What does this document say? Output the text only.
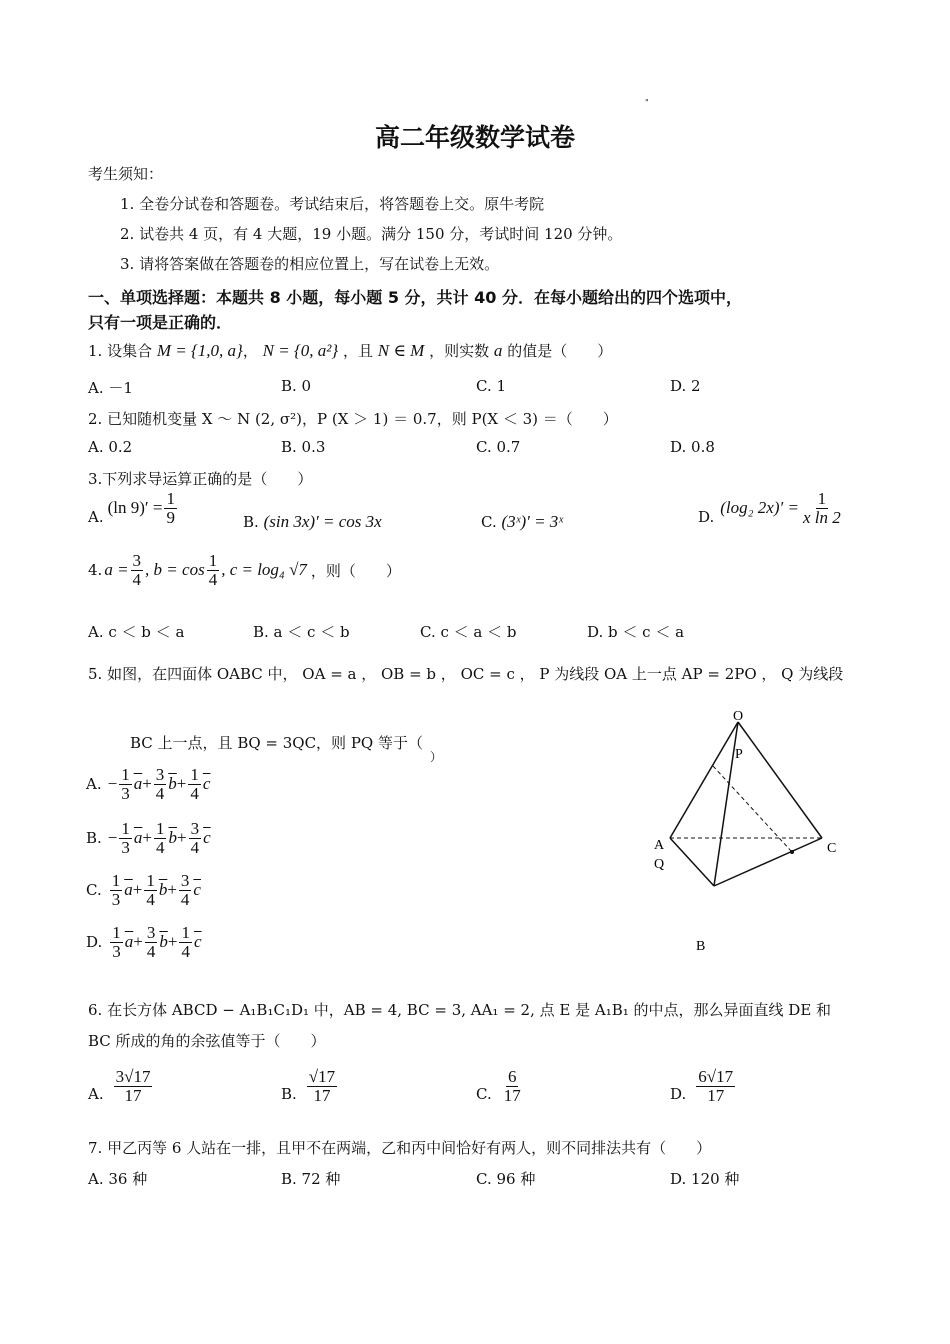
"
高二年级数学试卷
考生须知：
1. 全卷分试卷和答题卷。考试结束后，将答题卷上交。原牛考院
2. 试卷共 4 页，有 4 大题，19 小题。满分 150 分，考试时间 120 分钟。
3. 请将答案做在答题卷的相应位置上，写在试卷上无效。
一、单项选择题：本题共 8 小题，每小题 5 分，共计 40 分．在每小题给出的四个选项中，
只有一项是正确的．
1. 设集合 M = {1,0, a}， N = {0, a²} ，且 N ∈ M ，则实数 a 的值是（　　）
A. －1	B. 0	C. 1	D. 2
2. 已知随机变量 X ～ N (2, σ²)，P (X ＞ 1) ＝ 0.7，则 P(X ＜ 3) ＝（　　）
A. 0.2	B. 0.3	C. 0.7	D. 0.8
3.下列求导运算正确的是（　　）
A. (ln $9)' = \frac{1}{9}$	B. (sin 3x)′ = cos 3x	C. (3ˣ)′ = 3ˣ	D. (log₂ $2x)' = \frac{1}{\text{x ln 2}}$
4. $a = \frac{3}{4}$ , $b = \cos \frac{1}{4}$ , c = log₄ √7 ，则（　　）
A. c ＜ b ＜ a	B. a ＜ c ＜ b	C. c ＜ a ＜ b	D. b ＜ c ＜ a
5. 如图，在四面体 OABC 中， OA = a ， OB = b ， OC = c ， P 为线段 OA 上一点 AP = 2PO ， Q 为线段
BC 上一点，且 BQ = 3QC，则 PQ 等于（
）
A. − $\frac{1}{3} \overline{a} + \frac{3}{4} \overline{b} + \frac{1}{4} \overline{c}$
B. − $\frac{1}{3} \overline{a} + \frac{1}{4} \overline{b} + \frac{3}{4} \overline{c}$
C. $\frac{1}{3} \overline{a} + \frac{1}{4} \overline{b} + \frac{3}{4} \overline{c}$
D. $\frac{1}{3} \overline{a} + \frac{3}{4} \overline{b} + \frac{1}{4} \overline{c}$
O
P
A
Q
C
B
6. 在长方体 ABCD − A₁B₁C₁D₁ 中，AB = 4, BC = 3, AA₁ = 2, 点 E 是 A₁B₁ 的中点，那么异面直线 DE 和
BC 所成的角的余弦值等于（　　）
A. $\frac{3√17}{17}$	B. $\frac{√17}{17}$	C. $\frac{6}{17}$	D. $\frac{6√17}{17}$
7. 甲乙丙等 6 人站在一排，且甲不在两端，乙和丙中间恰好有两人，则不同排法共有（　　）
A. 36 种	B. 72 种	C. 96 种	D. 120 种
